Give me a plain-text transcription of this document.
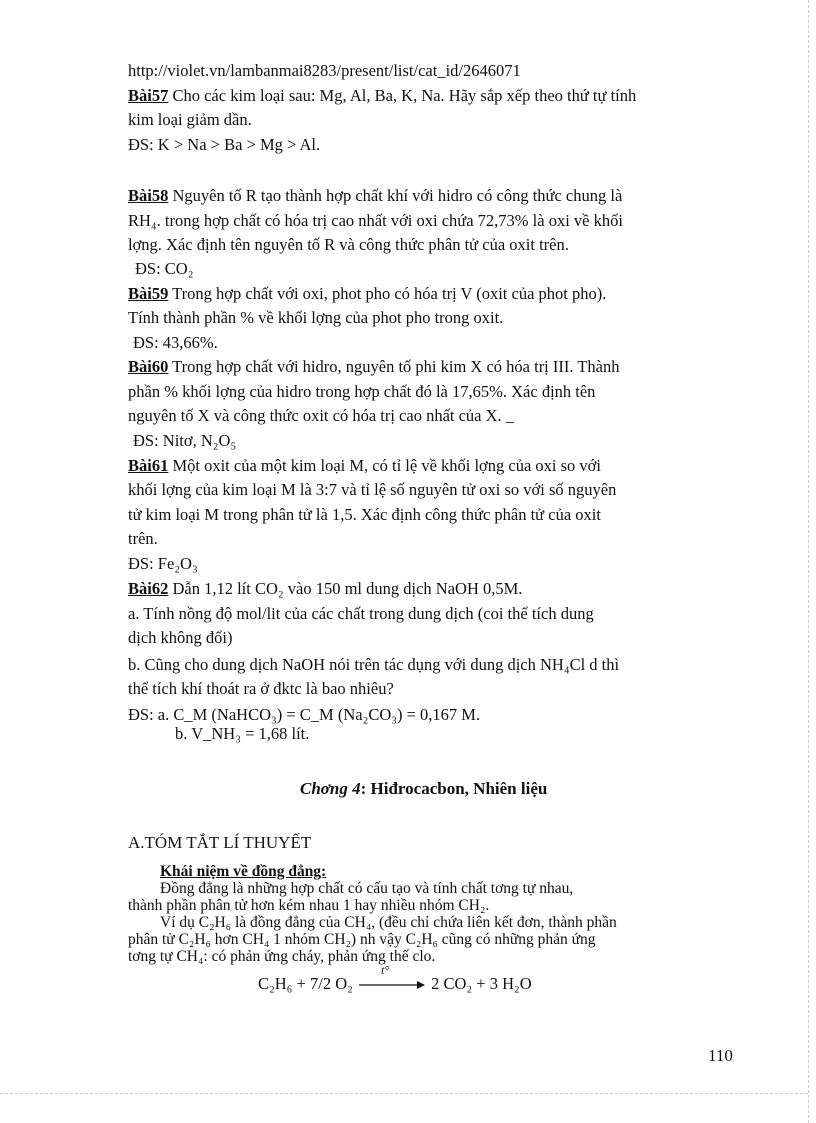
http://violet.vn/lambanmai8283/present/list/cat_id/2646071
Bài57 Cho các kim loại sau: Mg, Al, Ba, K, Na. Hãy sắp xếp theo thứ tự tính
kim loại giảm dần.
ĐS: K > Na > Ba > Mg > Al.
Bài58 Nguyên tố R tạo thành hợp chất khí với hidro có công thức chung là
RH₄. trong hợp chất có hóa trị cao nhất với oxi chứa 72,73% là oxi về khối
lợng. Xác định tên nguyên tố R và công thức phân tử của oxit trên.
ĐS: CO₂
Bài59 Trong hợp chất với oxi, phot pho có hóa trị V (oxit của phot pho).
Tính thành phần % về khối lợng của phot pho trong oxit.
ĐS: 43,66%.
Bài60 Trong hợp chất với hidro, nguyên tố phi kim X có hóa trị III. Thành
phần % khối lợng của hidro trong hợp chất đó là 17,65%. Xác định tên
nguyên tố X và công thức oxit có hóa trị cao nhất của X. _
ĐS: Nitơ, N₂O₅
Bài61 Một oxit của một kim loại M, có tỉ lệ về khối lợng của oxi so với
khối lợng của kim loại M là 3:7 và tỉ lệ số nguyên tử oxi so với số nguyên
tử kim loại M trong phân tử là 1,5. Xác định công thức phân tử của oxit
trên.
ĐS: Fe₂O₃
Bài62 Dẫn 1,12 lít CO₂ vào 150 ml dung dịch NaOH 0,5M.
a. Tính nồng độ mol/lit của các chất trong dung dịch (coi thể tích dung
dịch không đổi)
b. Cũng cho dung dịch NaOH nói trên tác dụng với dung dịch NH₄Cl d thì
thể tích khí thoát ra ở đktc là bao nhiêu?
ĐS: a. C_M (NaHCO₃) = C_M (Na₂CO₃) = 0,167 M.
b. V_NH₃ = 1,68 lít.
Chơng 4: Hiđrocacbon, Nhiên liệu
A.TÓM TẮT LÍ THUYẾT
Khái niệm về đồng đẳng:
Đồng đẳng là những hợp chất có cấu tạo và tính chất tơng tự nhau,
thành phần phân tử hơn kém nhau 1 hay nhiều nhóm CH₂.
Ví dụ C₂H₆ là đồng đẳng của CH₄, (đều chỉ chứa liên kết đơn, thành phần
phân tử C₂H₆ hơn CH₄ 1 nhóm CH₂) nh vậy C₂H₆ cũng có những phản ứng
tơng tự CH₄: có phản ứng cháy, phản ứng thế clo.
C₂H₆ + 7/2 O₂
t°
2 CO₂ + 3 H₂O
110
